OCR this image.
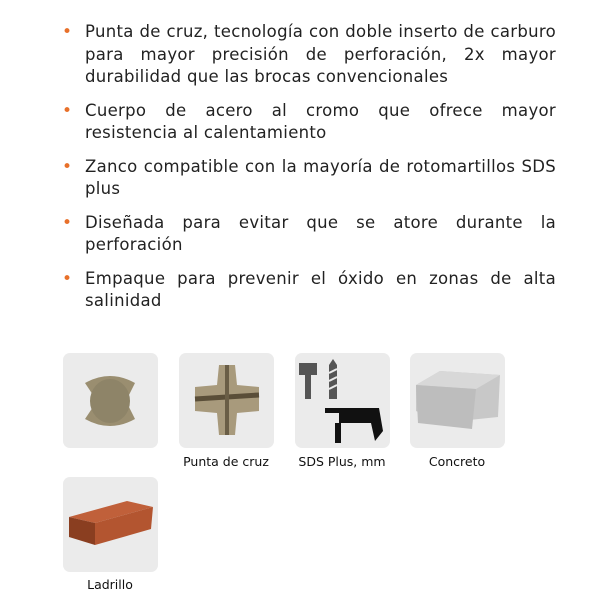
• Punta de cruz, tecnología con doble inserto de carburo para mayor precisión de perforación, 2x mayor durabilidad que las brocas convencionales
• Cuerpo de acero al cromo que ofrece mayor resistencia al calentamiento
• Zanco compatible con la mayoría de rotomartillos SDS plus
• Diseñada para evitar que se atore durante la perforación
• Empaque para prevenir el óxido en zonas de alta salinidad
Punta de cruz	SDS Plus, mm	Concreto
Ladrillo
